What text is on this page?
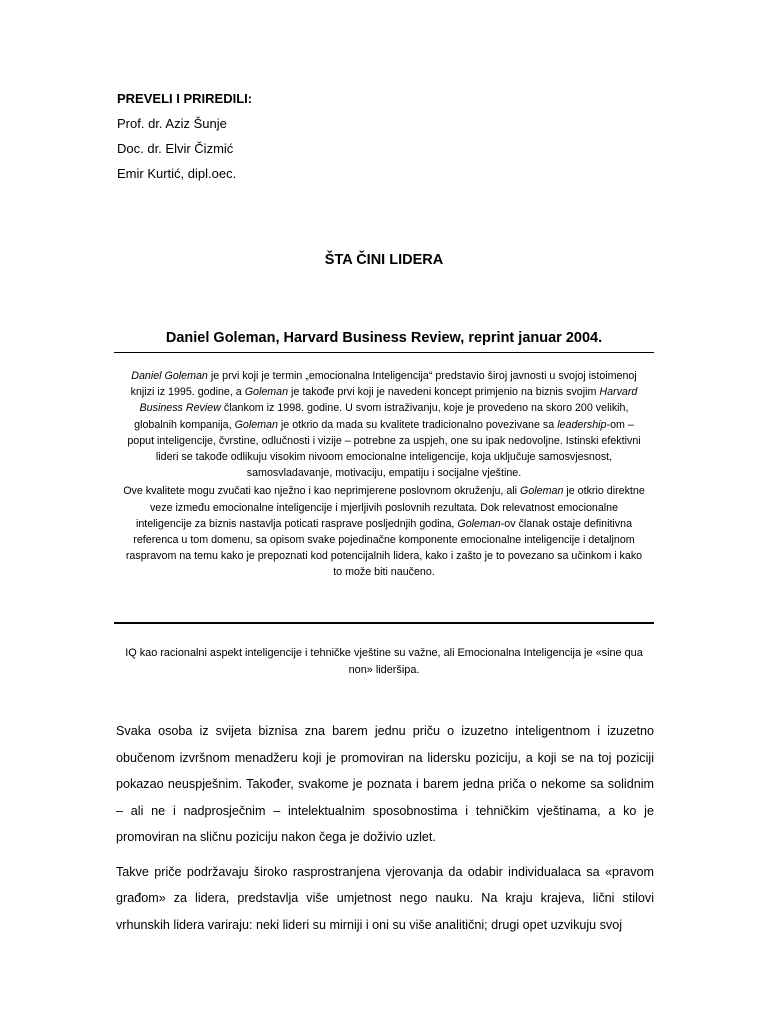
PREVELI I PRIREDILI:
Prof. dr. Aziz Šunje
Doc. dr. Elvir Čizmić
Emir Kurtić, dipl.oec.
ŠTA ČINI LIDERA
Daniel Goleman, Harvard Business Review, reprint januar 2004.

Daniel Goleman je prvi koji je termin „emocionalna Inteligencija“ predstavio široj javnosti u svojoj istoimenoj knjizi iz 1995. godine, a Goleman je takođe prvi koji je navedeni koncept primjenio na biznis svojim Harvard Business Review člankom iz 1998. godine. U svom istraživanju, koje je provedeno na skoro 200 velikih, globalnih kompanija, Goleman je otkrio da mada su kvalitete tradicionalno povezivane sa leadership-om – poput inteligencije, čvrstine, odlučnosti i vizije – potrebne za uspjeh, one su ipak nedovoljne. Istinski efektivni lideri se takođe odlikuju visokim nivoom emocionalne inteligencije, koja uključuje samosvjesnost, samosvladavanje, motivaciju, empatiju i socijalne vještine.

Ove kvalitete mogu zvučati kao nježno i kao neprimjerene poslovnom okruženju, ali Goleman je otkrio direktne veze između emocionalne inteligencije i mjerljivih poslovnih rezultata. Dok relevatnost emocionalne inteligencije za biznis nastavlja poticati rasprave posljednjih godina, Goleman-ov članak ostaje definitivna referenca u tom domenu, sa opisom svake pojedinačne komponente emocionalne inteligencije i detaljnom raspravom na temu kako je prepoznati kod potencijalnih lidera, kako i zašto je to povezano sa učinkom i kako to može biti naučeno.

IQ kao racionalni aspekt inteligencije i tehničke vještine su važne, ali Emocionalna Inteligencija je «sine qua non» lideršipa.

Svaka osoba iz svijeta biznisa zna barem jednu priču o izuzetno inteligentnom i izuzetno obučenom izvršnom menadžeru koji je promoviran na lidersku poziciju, a koji se na toj poziciji pokazao neuspješnim. Također, svakome je poznata i barem jedna priča o nekome sa solidnim – ali ne i nadprosječnim – intelektualnim sposobnostima i tehničkim vještinama, a ko je promoviran na sličnu poziciju nakon čega je doživio uzlet.

Takve priče podržavaju široko rasprostranjena vjerovanja da odabir individualaca sa «pravom građom» za lidera, predstavlja više umjetnost nego nauku. Na kraju krajeva, lični stilovi vrhunskih lidera variraju: neki lideri su mirniji i oni su više analitični; drugi opet uzvikuju svoj
